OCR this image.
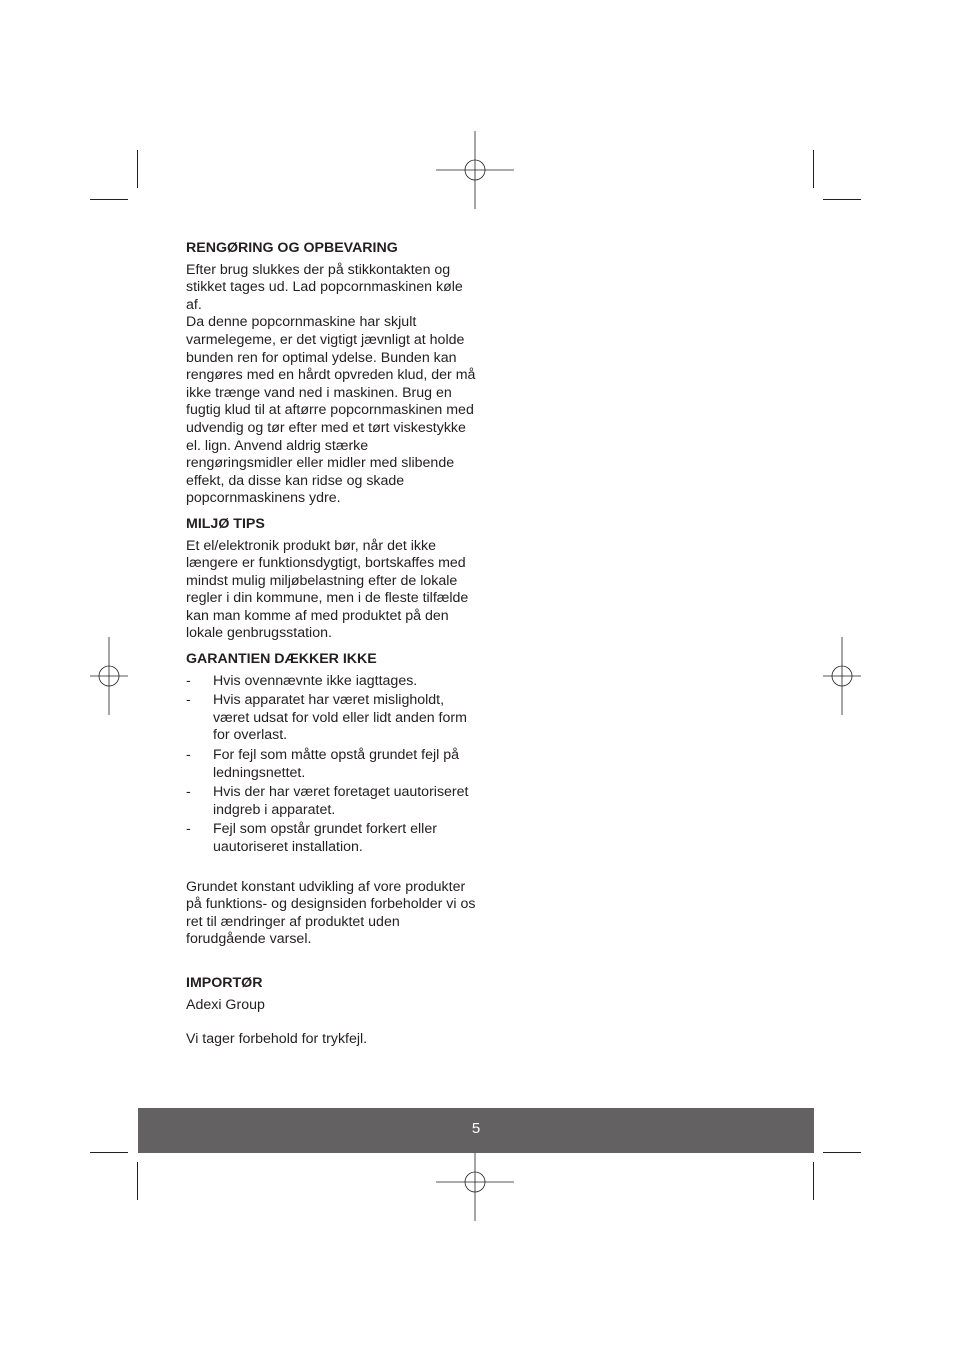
RENGØRING OG OPBEVARING

Efter brug slukkes der på stikkontakten og stikket tages ud. Lad popcornmaskinen køle af.

Da denne popcornmaskine har skjult varmelegeme, er det vigtigt jævnligt at holde bunden ren for optimal ydelse. Bunden kan rengøres med en hårdt opvreden klud, der må ikke trænge vand ned i maskinen. Brug en fugtig klud til at aftørre popcornmaskinen med udvendig og tør efter med et tørt viskestykke el. lign. Anvend aldrig stærke rengøringsmidler eller midler med slibende effekt, da disse kan ridse og skade popcornmaskinens ydre.

MILJØ TIPS

Et el/elektronik produkt bør, når det ikke længere er funktionsdygtigt, bortskaffes med mindst mulig miljøbelastning efter de lokale regler i din kommune, men i de fleste tilfælde kan man komme af med produktet på den lokale genbrugsstation.

GARANTIEN DÆKKER IKKE
- Hvis ovennævnte ikke iagttages.
- Hvis apparatet har været misligholdt, været udsat for vold eller lidt anden form for overlast.
- For fejl som måtte opstå grundet fejl på ledningsnettet.
- Hvis der har været foretaget uautoriseret indgreb i apparatet.
- Fejl som opstår grundet forkert eller uautoriseret installation.

Grundet konstant udvikling af vore produkter på funktions- og designsiden forbeholder vi os ret til ændringer af produktet uden forudgående varsel.

IMPORTØR

Adexi Group

Vi tager forbehold for trykfejl.

5
